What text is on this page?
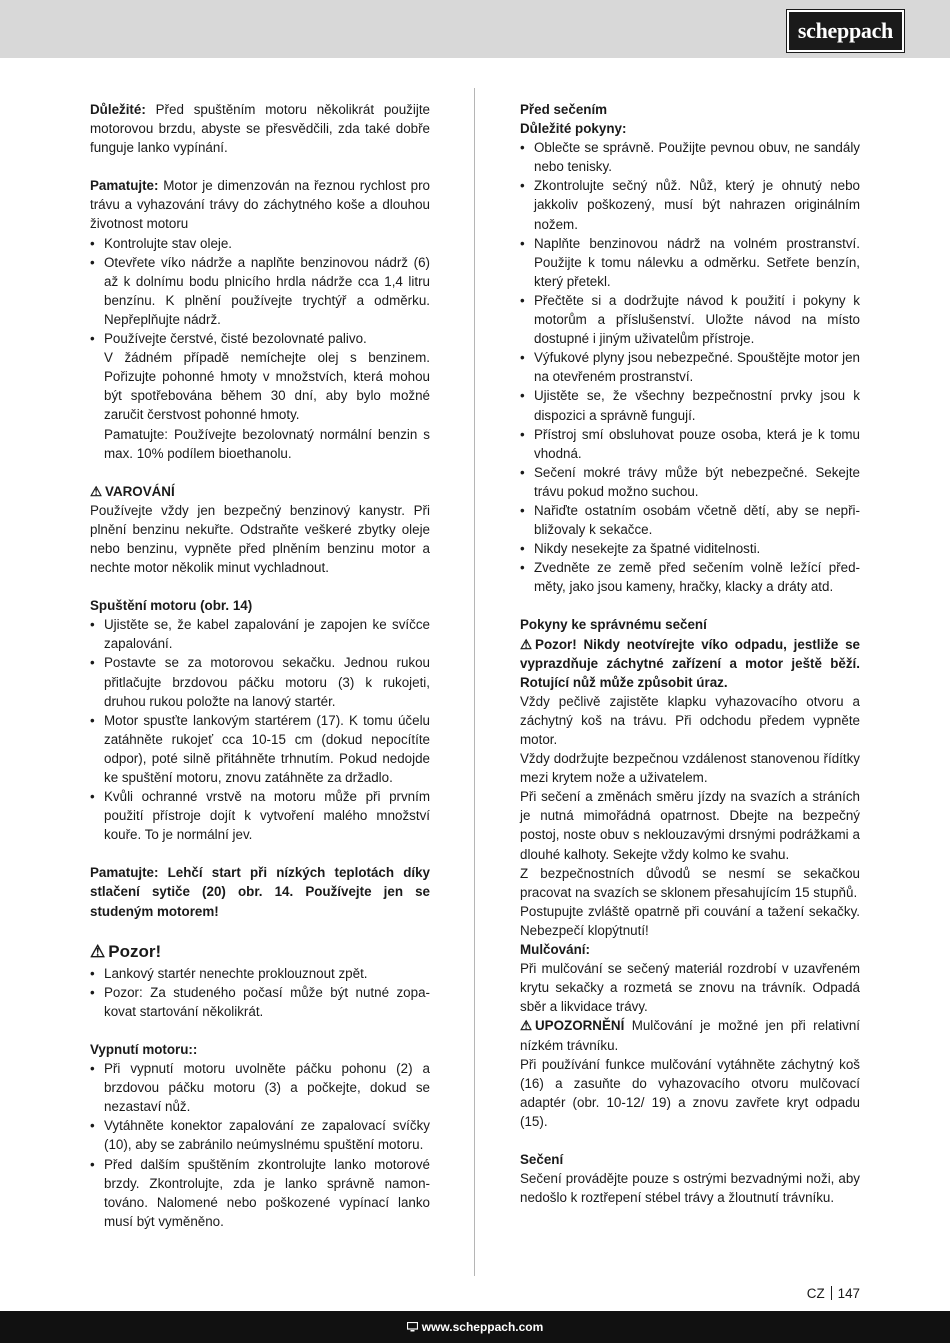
scheppach

Důležité: Před spuštěním motoru několikrát použijte motorovou brzdu, abyste se přesvědčili, zda také dobře funguje lanko vypínání.

Pamatujte: Motor je dimenzován na řeznou rychlost pro trávu a vyhazování trávy do záchytného koše a dlouhou životnost motoru

• Kontrolujte stav oleje.
• Otevřete víko nádrže a naplňte benzinovou nádrž (6) až k dolnímu bodu plnicího hrdla nádrže cca 1,4 litru benzínu. K plnění používejte trychtýř a odměrku. Nepřeplňujte nádrž.
• Používejte čerstvé, čisté bezolovnaté palivo.

V žádném případě nemíchejte olej s benzinem. Pořizujte pohonné hmoty v množstvích, která mohou být spotřebována během 30 dní, aby bylo možné zaručit čerstvost pohonné hmoty.

Pamatujte: Používejte bezolovnatý normální benzin s max. 10% podílem bioethanolu.

⚠ VAROVÁNÍ

Používejte vždy jen bezpečný benzinový kanystr. Při plnění benzinu nekuřte. Odstraňte veškeré zbytky oleje nebo benzinu, vypněte před plněním benzinu motor a nechte motor několik minut vychladnout.

Spuštění motoru (obr. 14)

• Ujistěte se, že kabel zapalování je zapojen ke svíčce zapalování.
• Postavte se za motorovou sekačku. Jednou rukou přitlačujte brzdovou páčku motoru (3) k rukojeti, druhou rukou položte na lanový startér.
• Motor spusťte lankovým startérem (17). K tomu účelu zatáhněte rukojeť cca 10-15 cm (dokud nepocítíte odpor), poté silně přitáhněte trhnutím. Pokud nedojde ke spuštění motoru, znovu zatáhněte za držadlo.
• Kvůli ochranné vrstvě na motoru může při prvním použití přístroje dojít k vytvoření malého množství kouře. To je normální jev.

Pamatujte: Lehčí start při nízkých teplotách díky stlačení sytiče (20) obr. 14. Používejte jen se studeným motorem!

⚠ Pozor!

• Lankový startér nenechte proklouznout zpět.
• Pozor: Za studeného počasí může být nutné zopakovat startování několikrát.

Vypnutí motoru::

• Při vypnutí motoru uvolněte páčku pohonu (2) a brzdovou páčku motoru (3) a počkejte, dokud se nezastaví nůž.
• Vytáhněte konektor zapalování ze zapalovací svíčky (10), aby se zabránilo neúmyslnému spuštění motoru.
• Před dalším spuštěním zkontrolujte lanko motorové brzdy. Zkontrolujte, zda je lanko správně namontováno. Nalomené nebo poškozené vypínací lanko musí být vyměněno.

Před sečením

Důležité pokyny:

• Oblečte se správně. Použijte pevnou obuv, ne sandály nebo tenisky.
• Zkontrolujte sečný nůž. Nůž, který je ohnutý nebo jakkoliv poškozený, musí být nahrazen originálním nožem.
• Naplňte benzinovou nádrž na volném prostranství. Použijte k tomu nálevku a odměrku. Setřete benzín, který přetekl.
• Přečtěte si a dodržujte návod k použití i pokyny k motorům a příslušenství. Uložte návod na místo dostupné i jiným uživatelům přístroje.
• Výfukové plyny jsou nebezpečné. Spouštějte motor jen na otevřeném prostranství.
• Ujistěte se, že všechny bezpečnostní prvky jsou k dispozici a správně fungují.
• Přístroj smí obsluhovat pouze osoba, která je k tomu vhodná.
• Sečení mokré trávy může být nebezpečné. Sekejte trávu pokud možno suchou.
• Nařiďte ostatním osobám včetně dětí, aby se nepřibližovaly k sekačce.
• Nikdy nesekejte za špatné viditelnosti.
• Zvedněte ze země před sečením volně ležící předměty, jako jsou kameny, hračky, klacky a dráty atd.

Pokyny ke správnému sečení

⚠ Pozor! Nikdy neotvírejte víko odpadu, jestliže se vyprazdňuje záchytné zařízení a motor ještě běží. Rotující nůž může způsobit úraz.

Vždy pečlivě zajistěte klapku vyhazovacího otvoru a záchytný koš na trávu. Při odchodu předem vypněte motor.

Vždy dodržujte bezpečnou vzdálenost stanovenou řídítky mezi krytem nože a uživatelem.

Při sečení a změnách směru jízdy na svazích a stráních je nutná mimořádná opatrnost. Dbejte na bezpečný postoj, noste obuv s neklouzavými drsnými podrážkami a dlouhé kalhoty. Sekejte vždy kolmo ke svahu.

Z bezpečnostních důvodů se nesmí se sekačkou pracovat na svazích se sklonem přesahujícím 15 stupňů.

Postupujte zvláště opatrně při couvání a tažení sekačky. Nebezpečí klopýtnutí!

Mulčování:

Při mulčování se sečený materiál rozdrobí v uzavřeném krytu sekačky a rozmetá se znovu na trávník. Odpadá sběr a likvidace trávy.

⚠ UPOZORNĚNÍ Mulčování je možné jen při relativní nízkém trávníku.

Při používání funkce mulčování vytáhněte záchytný koš (16) a zasuňte do vyhazovacího otvoru mulčovací adaptér (obr. 10-12/ 19) a znovu zavřete kryt odpadu (15).

Sečení

Sečení provádějte pouze s ostrými bezvadnými noži, aby nedošlo k roztřepení stébel trávy a žloutnutí trávníku.

CZ 147
www.scheppach.com
